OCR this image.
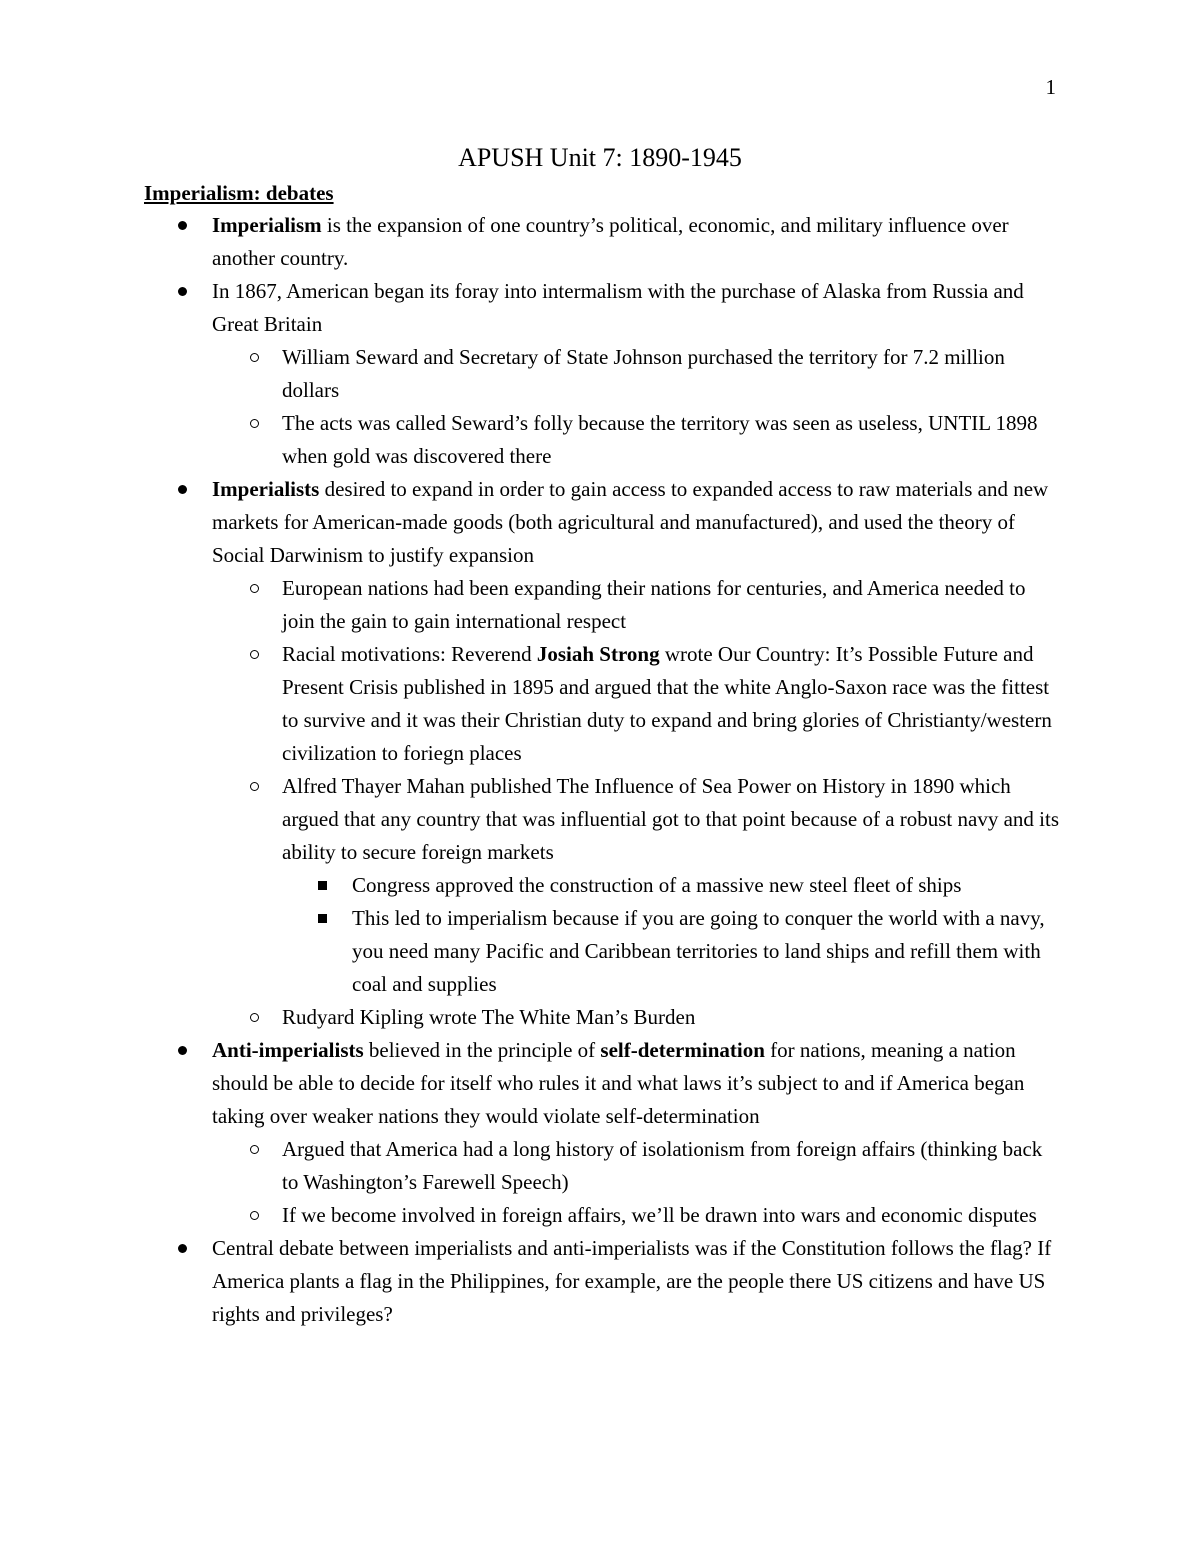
1
APUSH Unit 7: 1890-1945
Imperialism: debates
Imperialism is the expansion of one country’s political, economic, and military influence over another country.
In 1867, American began its foray into intermalism with the purchase of Alaska from Russia and Great Britain
William Seward and Secretary of State Johnson purchased the territory for 7.2 million dollars
The acts was called Seward’s folly because the territory was seen as useless, UNTIL 1898 when gold was discovered there
Imperialists desired to expand in order to gain access to expanded access to raw materials and new markets for American-made goods (both agricultural and manufactured), and used the theory of Social Darwinism to justify expansion
European nations had been expanding their nations for centuries, and America needed to join the gain to gain international respect
Racial motivations: Reverend Josiah Strong wrote Our Country: It’s Possible Future and Present Crisis published in 1895 and argued that the white Anglo-Saxon race was the fittest to survive and it was their Christian duty to expand and bring glories of Christianty/western civilization to foriegn places
Alfred Thayer Mahan published The Influence of Sea Power on History in 1890 which argued that any country that was influential got to that point because of a robust navy and its ability to secure foreign markets
Congress approved the construction of a massive new steel fleet of ships
This led to imperialism because if you are going to conquer the world with a navy, you need many Pacific and Caribbean territories to land ships and refill them with coal and supplies
Rudyard Kipling wrote The White Man’s Burden
Anti-imperialists believed in the principle of self-determination for nations, meaning a nation should be able to decide for itself who rules it and what laws it’s subject to and if America began taking over weaker nations they would violate self-determination
Argued that America had a long history of isolationism from foreign affairs (thinking back to Washington’s Farewell Speech)
If we become involved in foreign affairs, we’ll be drawn into wars and economic disputes
Central debate between imperialists and anti-imperialists was if the Constitution follows the flag? If America plants a flag in the Philippines, for example, are the people there US citizens and have US rights and privileges?
